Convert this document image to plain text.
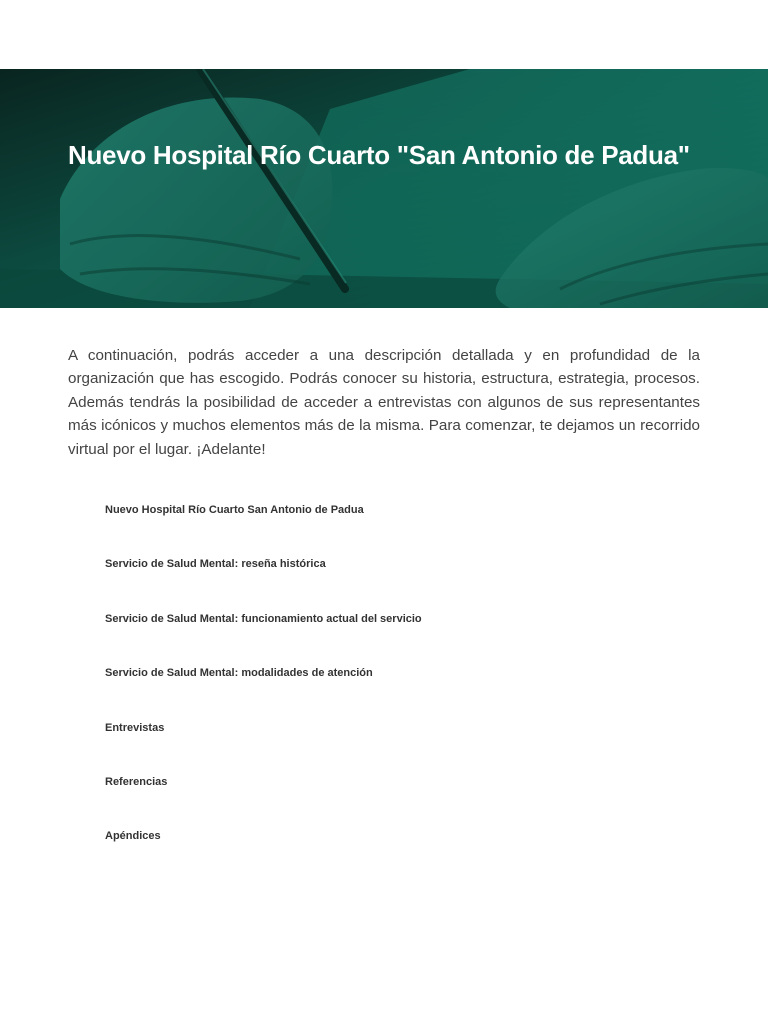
Nuevo Hospital Río Cuarto "San Antonio de Padua"

A continuación, podrás acceder a una descripción detallada y en profundidad de la organización que has escogido. Podrás conocer su historia, estructura, estrategia, procesos. Además tendrás la posibilidad de acceder a entrevistas con algunos de sus representantes más icónicos y muchos elementos más de la misma. Para comenzar, te dejamos un recorrido virtual por el lugar. ¡Adelante!

Nuevo Hospital Río Cuarto San Antonio de Padua
Servicio de Salud Mental: reseña histórica
Servicio de Salud Mental: funcionamiento actual del servicio
Servicio de Salud Mental: modalidades de atención
Entrevistas
Referencias
Apéndices
